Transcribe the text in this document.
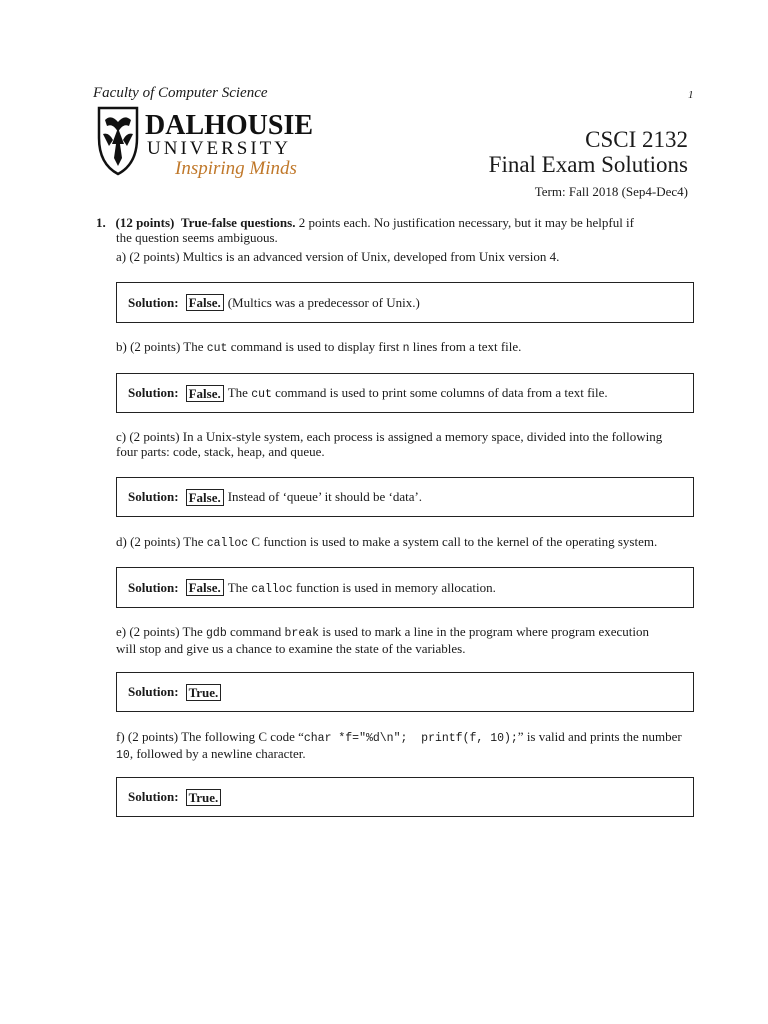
Faculty of Computer Science	1
DALHOUSIE
UNIVERSITY
Inspiring Minds
CSCI 2132
Final Exam Solutions
Term: Fall 2018 (Sep4-Dec4)
1. (12 points) True-false questions. 2 points each. No justification necessary, but it may be helpful if
the question seems ambiguous.
a) (2 points) Multics is an advanced version of Unix, developed from Unix version 4.
Solution: False. (Multics was a predecessor of Unix.)
b) (2 points) The cut command is used to display first n lines from a text file.
Solution: False. The cut command is used to print some columns of data from a text file.
c) (2 points) In a Unix-style system, each process is assigned a memory space, divided into the following
four parts: code, stack, heap, and queue.
Solution: False. Instead of ‘queue’ it should be ‘data’.
d) (2 points) The calloc C function is used to make a system call to the kernel of the operating system.
Solution: False. The calloc function is used in memory allocation.
e) (2 points) The gdb command break is used to mark a line in the program where program execution
will stop and give us a chance to examine the state of the variables.
Solution: True.
f) (2 points) The following C code “char *f="%d\n";  printf(f, 10);” is valid and prints the number
10, followed by a newline character.
Solution: True.
